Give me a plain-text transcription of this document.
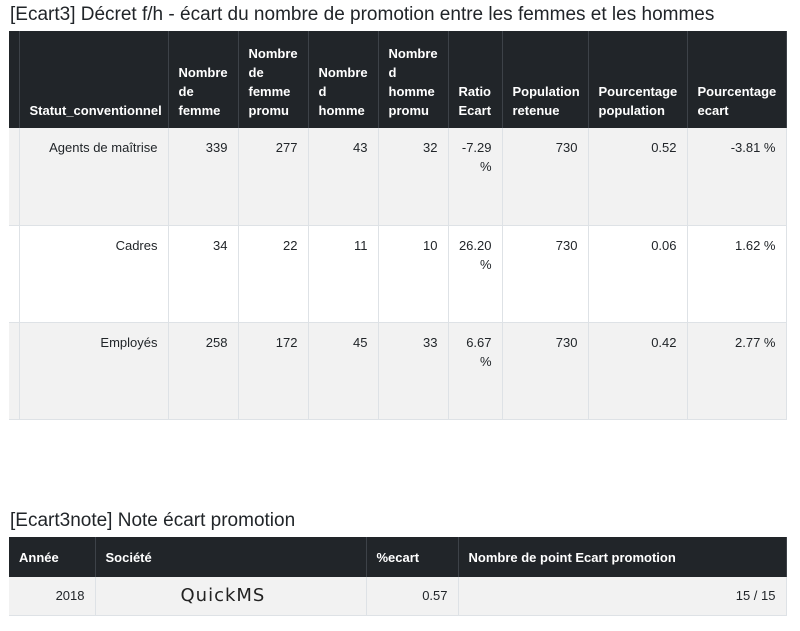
[Ecart3] Décret f/h - écart du nombre de promotion entre les femmes et les hommes
	Statut_conventionnel	Nombre de femme	Nombre de femme promu	Nombre d homme	Nombre d homme promu	Ratio Ecart	Population retenue	Pourcentage population	Pourcentage ecart
	Agents de maîtrise	339	277	43	32	-7.29 %	730	0.52	-3.81 %
	Cadres	34	22	11	10	26.20 %	730	0.06	1.62 %
	Employés	258	172	45	33	6.67 %	730	0.42	2.77 %
[Ecart3note] Note écart promotion
Année	Société	%ecart	Nombre de point Ecart promotion
2018	QuickMS	0.57	15 / 15
